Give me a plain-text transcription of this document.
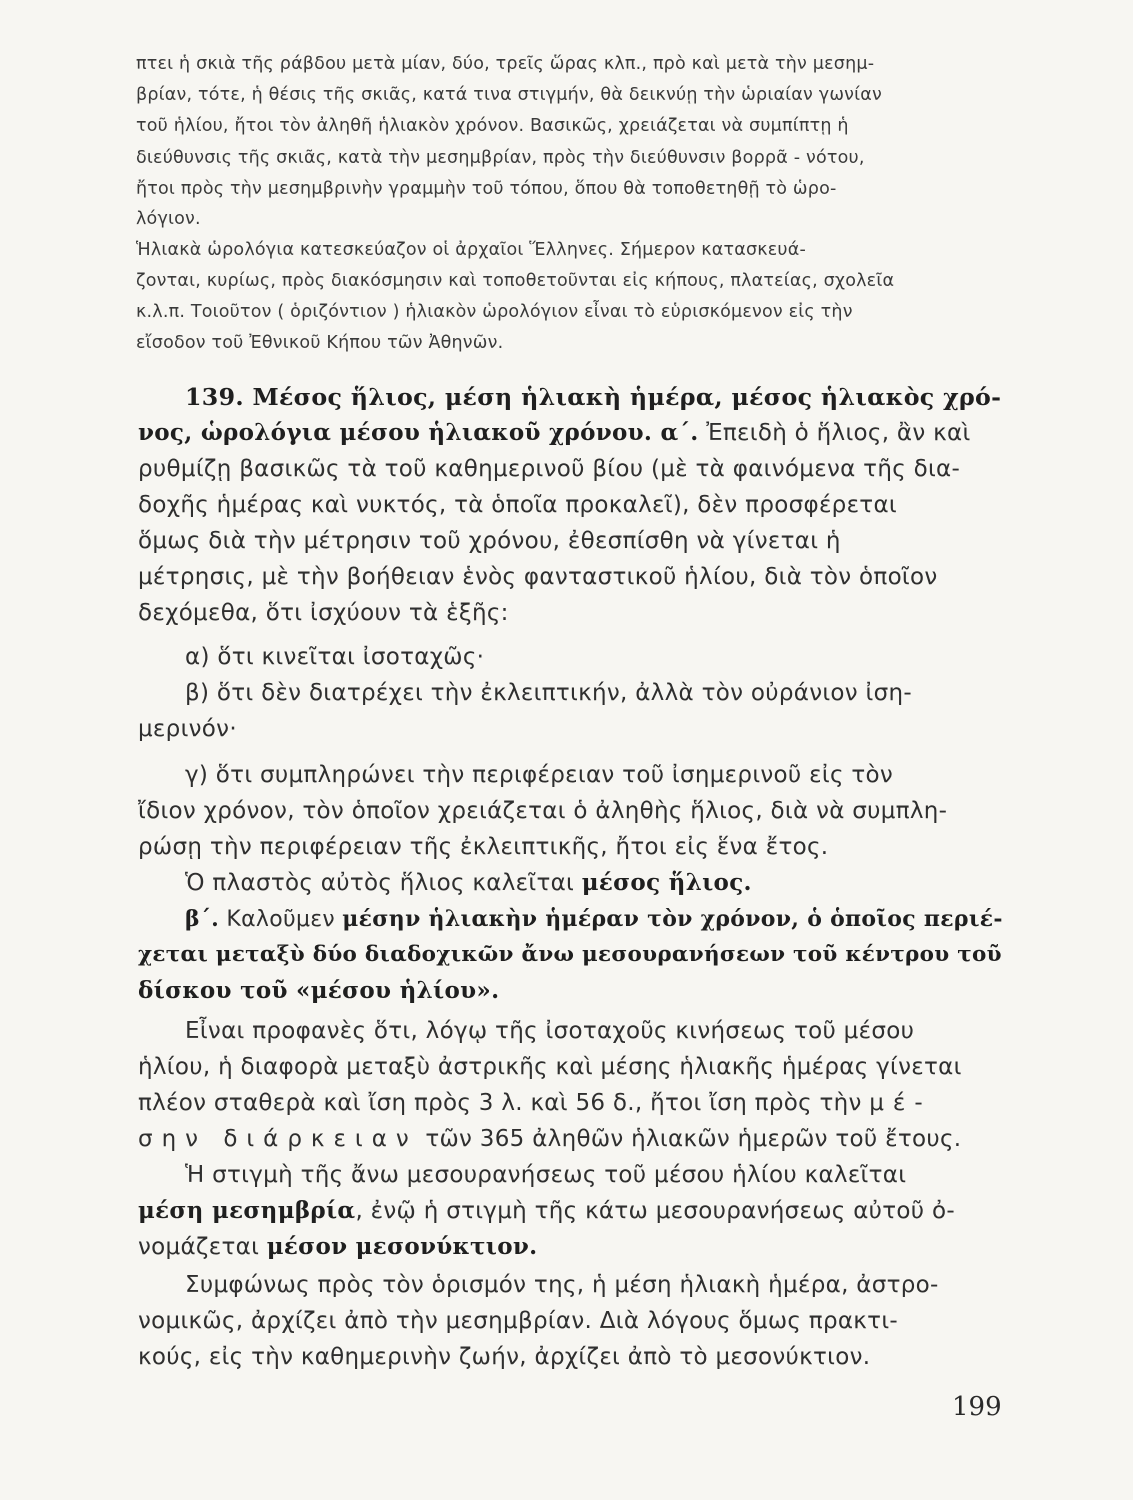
πτει ἡ σκιὰ τῆς ράβδου μετὰ μίαν, δύο, τρεῖς ὥρας κλπ., πρὸ καὶ μετὰ τὴν μεσημ-
βρίαν, τότε, ἡ θέσις τῆς σκιᾶς, κατά τινα στιγμήν, θὰ δεικνύῃ τὴν ὡριαίαν γωνίαν
τοῦ ἡλίου, ἤτοι τὸν ἀληθῆ ἡλιακὸν χρόνον. Βασικῶς, χρειάζεται νὰ συμπίπτῃ ἡ
διεύθυνσις τῆς σκιᾶς, κατὰ τὴν μεσημβρίαν, πρὸς τὴν διεύθυνσιν βορρᾶ - νότου,
ἤτοι πρὸς τὴν μεσημβρινὴν γραμμὴν τοῦ τόπου, ὅπου θὰ τοποθετηθῇ τὸ ὡρο-
λόγιον.
Ἡλιακὰ ὡρολόγια κατεσκεύαζον οἱ ἀρχαῖοι Ἕλληνες. Σήμερον κατασκευά-
ζονται, κυρίως, πρὸς διακόσμησιν καὶ τοποθετοῦνται εἰς κήπους, πλατείας, σχολεῖα
κ.λ.π. Τοιοῦτον ( ὁριζόντιον ) ἡλιακὸν ὡρολόγιον εἶναι τὸ εὑρισκόμενον εἰς τὴν
εἴσοδον τοῦ Ἐθνικοῦ Κήπου τῶν Ἀθηνῶν.
139. Μέσος ἥλιος, μέση ἡλιακὴ ἡμέρα, μέσος ἡλιακὸς χρό-
νος, ὡρολόγια μέσου ἡλιακοῦ χρόνου. α΄. Ἐπειδὴ ὁ ἥλιος, ἂν καὶ
ρυθμίζῃ βασικῶς τὰ τοῦ καθημερινοῦ βίου (μὲ τὰ φαινόμενα τῆς δια-
δοχῆς ἡμέρας καὶ νυκτός, τὰ ὁποῖα προκαλεῖ), δὲν προσφέρεται
ὅμως διὰ τὴν μέτρησιν τοῦ χρόνου, ἐθεσπίσθη νὰ γίνεται ἡ
μέτρησις, μὲ τὴν βοήθειαν ἑνὸς φανταστικοῦ ἡλίου, διὰ τὸν ὁποῖον
δεχόμεθα, ὅτι ἰσχύουν τὰ ἑξῆς:
α) ὅτι κινεῖται ἰσοταχῶς·
β) ὅτι δὲν διατρέχει τὴν ἐκλειπτικήν, ἀλλὰ τὸν οὐράνιον ἰση-
μερινόν·
γ) ὅτι συμπληρώνει τὴν περιφέρειαν τοῦ ἰσημερινοῦ εἰς τὸν
ἴδιον χρόνον, τὸν ὁποῖον χρειάζεται ὁ ἀληθὴς ἥλιος, διὰ νὰ συμπλη-
ρώσῃ τὴν περιφέρειαν τῆς ἐκλειπτικῆς, ἤτοι εἰς ἕνα ἔτος.
Ὁ πλαστὸς αὐτὸς ἥλιος καλεῖται μέσος ἥλιος.
β΄. Καλοῦμεν μέσην ἡλιακὴν ἡμέραν τὸν χρόνον, ὁ ὁποῖος περιέ-
χεται μεταξὺ δύο διαδοχικῶν ἄνω μεσουρανήσεων τοῦ κέντρου τοῦ
δίσκου τοῦ «μέσου ἡλίου».
Εἶναι προφανὲς ὅτι, λόγῳ τῆς ἰσοταχοῦς κινήσεως τοῦ μέσου
ἡλίου, ἡ διαφορὰ μεταξὺ ἀστρικῆς καὶ μέσης ἡλιακῆς ἡμέρας γίνεται
πλέον σταθερὰ καὶ ἴση πρὸς 3 λ. καὶ 56 δ., ἤτοι ἴση πρὸς τὴν μέ-
σην διάρκειαν τῶν 365 ἀληθῶν ἡλιακῶν ἡμερῶν τοῦ ἔτους.
Ἡ στιγμὴ τῆς ἄνω μεσουρανήσεως τοῦ μέσου ἡλίου καλεῖται
μέση μεσημβρία, ἐνῷ ἡ στιγμὴ τῆς κάτω μεσουρανήσεως αὐτοῦ ὀ-
νομάζεται μέσον μεσονύκτιον.
Συμφώνως πρὸς τὸν ὁρισμόν της, ἡ μέση ἡλιακὴ ἡμέρα, ἀστρο-
νομικῶς, ἀρχίζει ἀπὸ τὴν μεσημβρίαν. Διὰ λόγους ὅμως πρακτι-
κούς, εἰς τὴν καθημερινὴν ζωήν, ἀρχίζει ἀπὸ τὸ μεσονύκτιον.
199
